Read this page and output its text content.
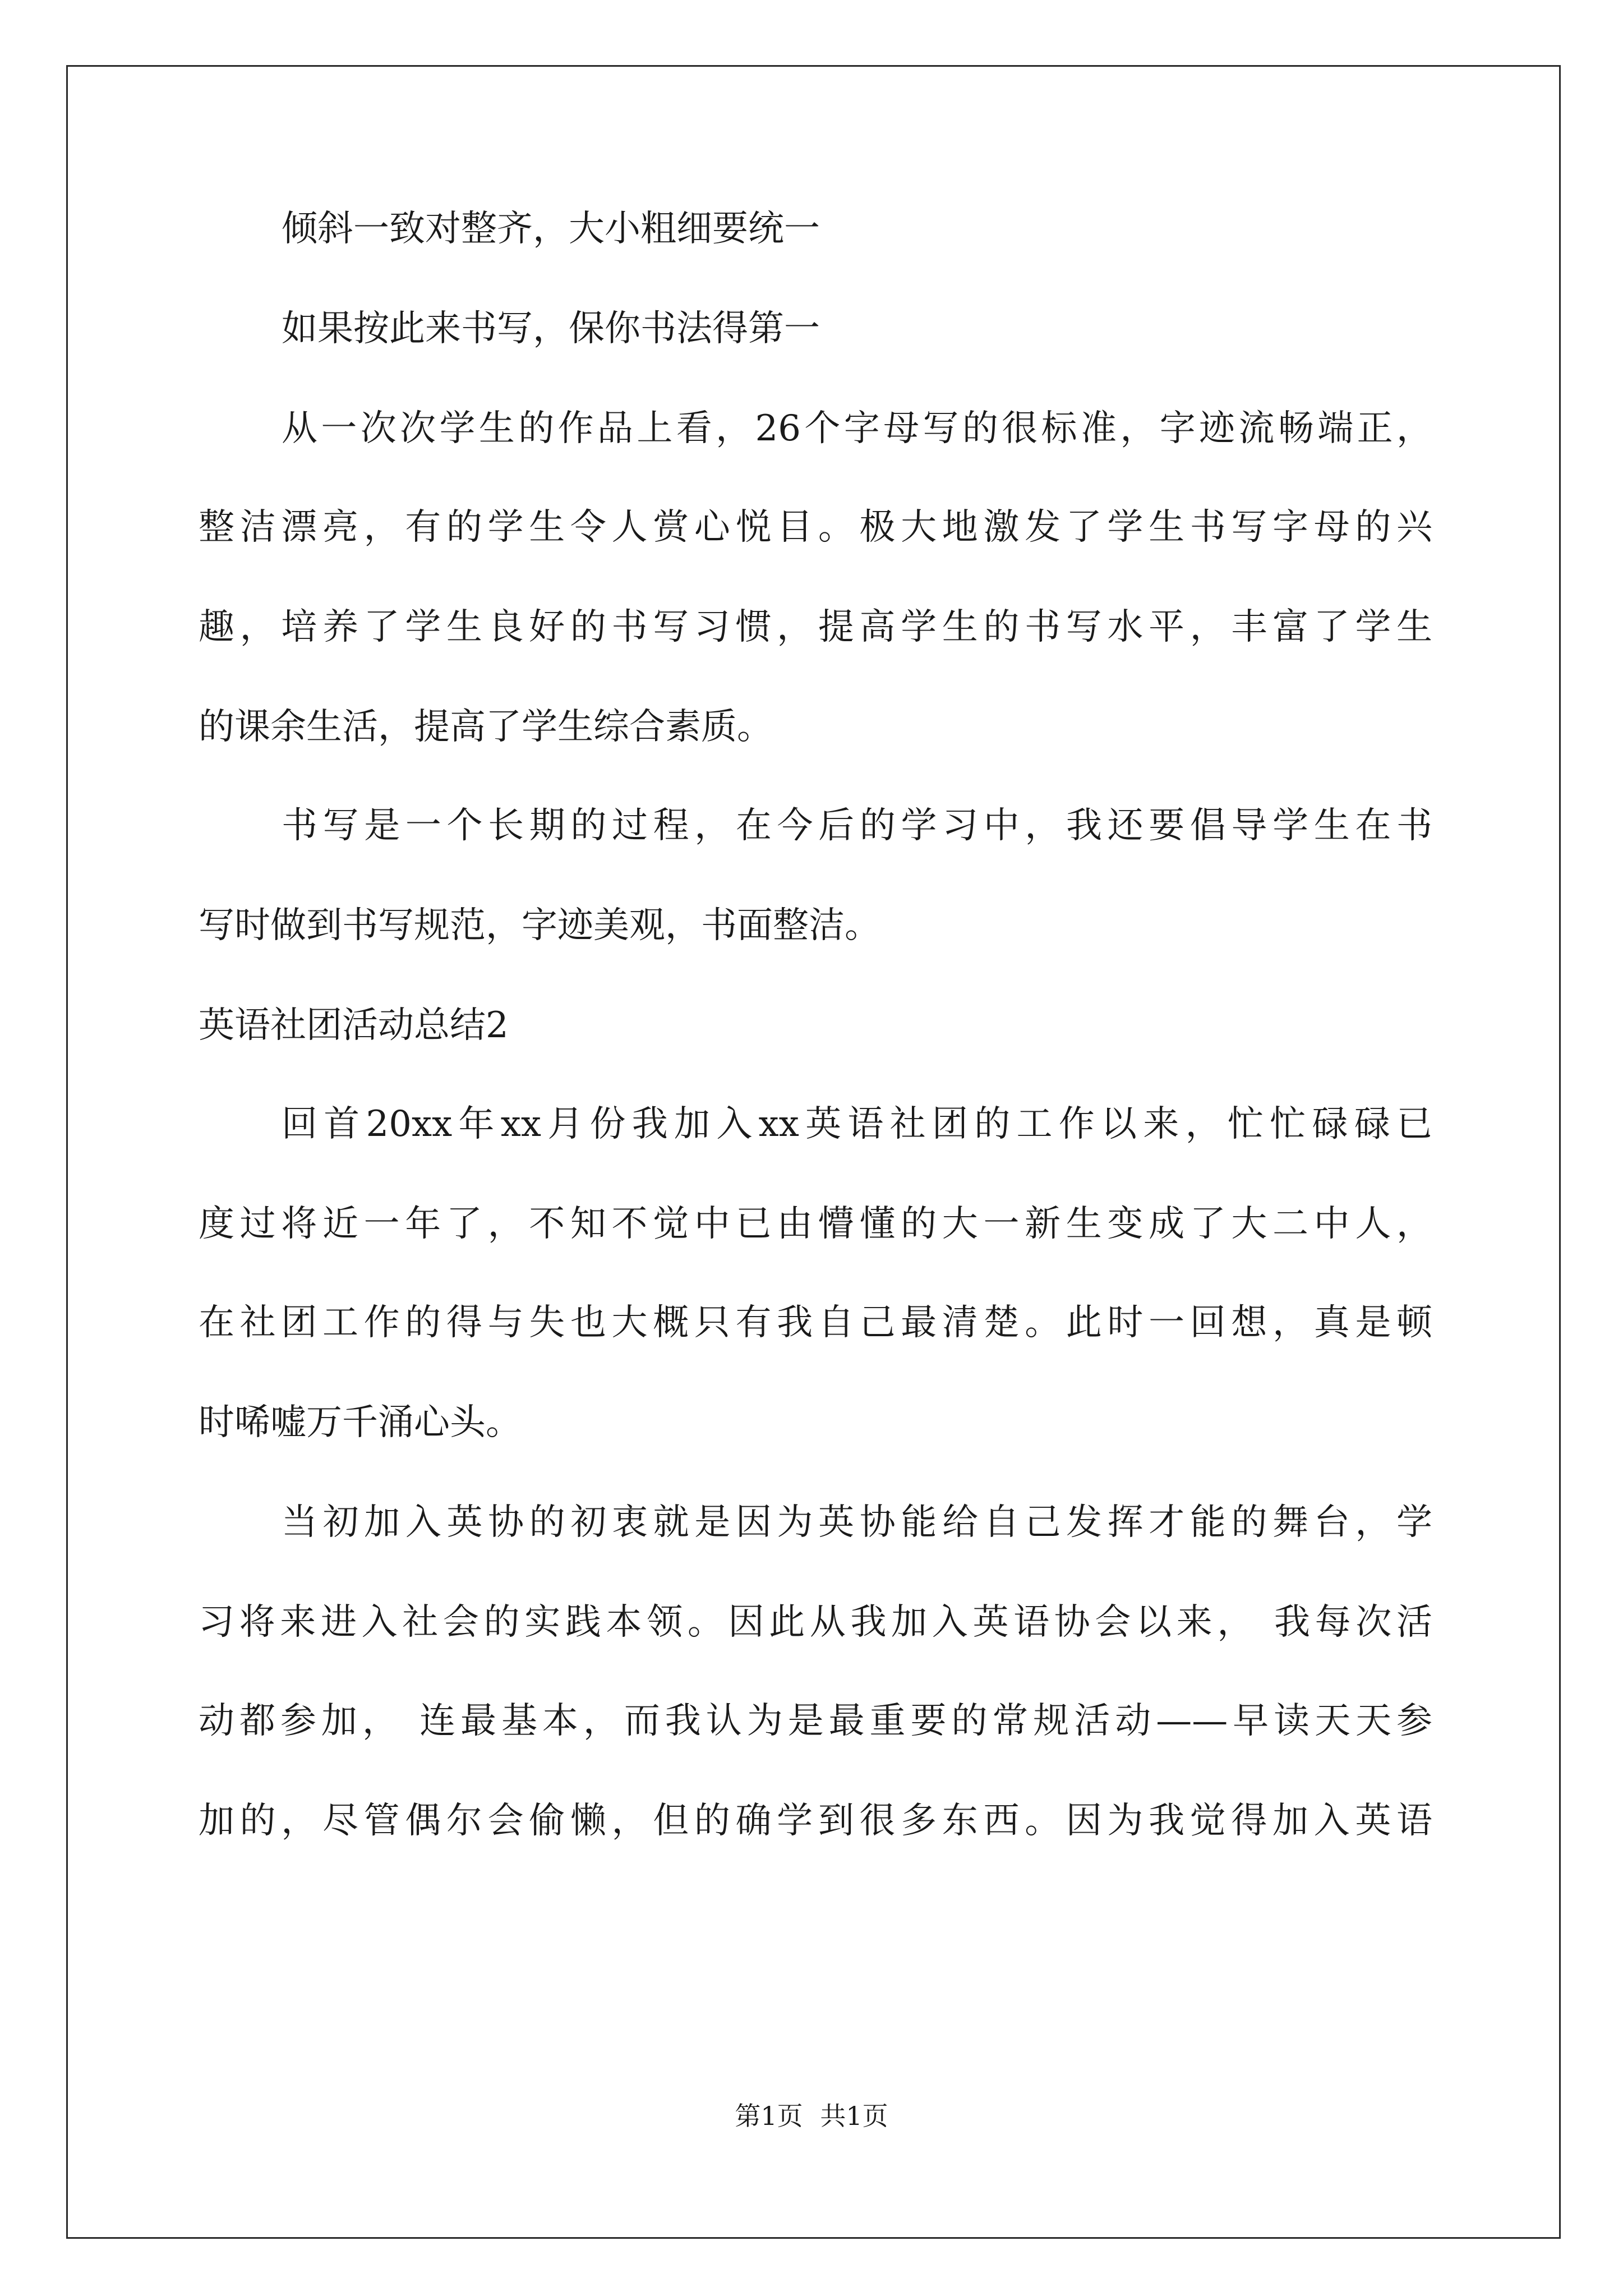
倾斜一致对整齐，大小粗细要统一
如果按此来书写，保你书法得第一
从一次次学生的作品上看，26个字母写的很标准，字迹流畅端正，
整洁漂亮，有的学生令人赏心悦目。极大地激发了学生书写字母的兴
趣，培养了学生良好的书写习惯，提高学生的书写水平，丰富了学生
的课余生活，提高了学生综合素质。
书写是一个长期的过程，在今后的学习中，我还要倡导学生在书
写时做到书写规范，字迹美观，书面整洁。
英语社团活动总结2
回首20xx年xx月份我加入xx英语社团的工作以来，忙忙碌碌已
度过将近一年了，不知不觉中已由懵懂的大一新生变成了大二中人，
在社团工作的得与失也大概只有我自己最清楚。此时一回想，真是顿
时唏嘘万千涌心头。
当初加入英协的初衷就是因为英协能给自己发挥才能的舞台，学
习将来进入社会的实践本领。因此从我加入英语协会以来， 我每次活
动都参加， 连最基本，而我认为是最重要的常规活动——早读天天参
加的，尽管偶尔会偷懒，但的确学到很多东西。因为我觉得加入英语
第1页 共1页
